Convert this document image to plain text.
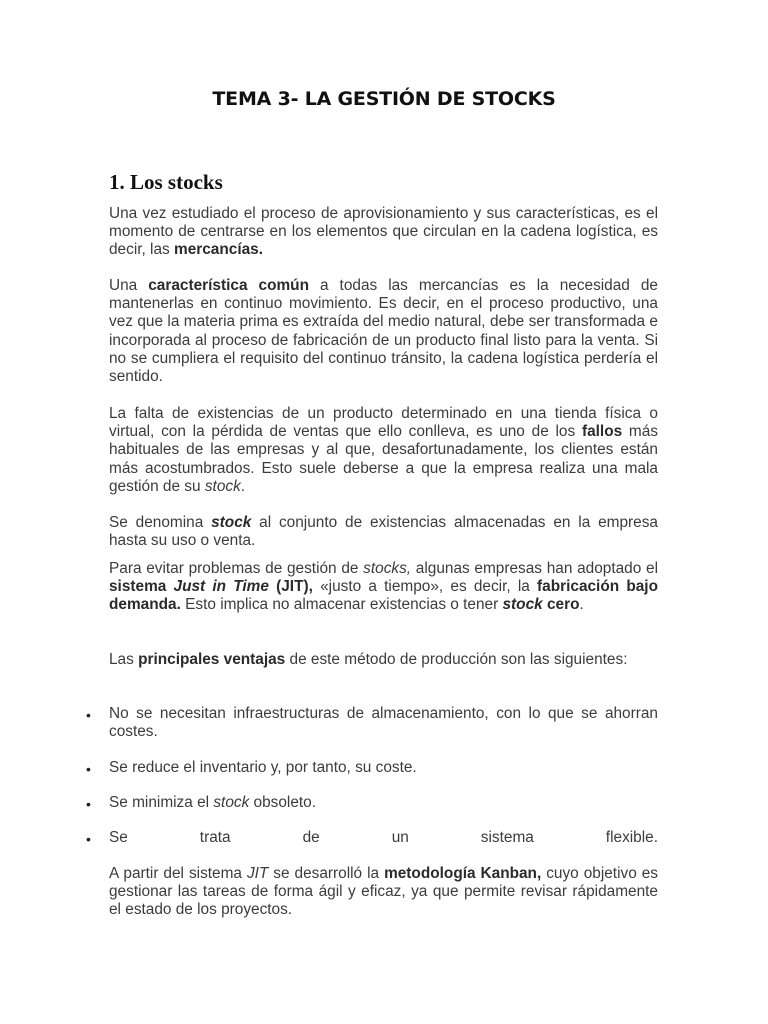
TEMA 3- LA GESTIÓN DE STOCKS
1. Los stocks
Una vez estudiado el proceso de aprovisionamiento y sus características, es el momento de centrarse en los elementos que circulan en la cadena logística, es decir, las mercancías.
Una característica común a todas las mercancías es la necesidad de mantenerlas en continuo movimiento. Es decir, en el proceso productivo, una vez que la materia prima es extraída del medio natural, debe ser transformada e incorporada al proceso de fabricación de un producto final listo para la venta. Si no se cumpliera el requisito del continuo tránsito, la cadena logística perdería el sentido.
La falta de existencias de un producto determinado en una tienda física o virtual, con la pérdida de ventas que ello conlleva, es uno de los fallos más habituales de las empresas y al que, desafortunadamente, los clientes están más acostumbrados. Esto suele deberse a que la empresa realiza una mala gestión de su stock.
Se denomina stock al conjunto de existencias almacenadas en la empresa hasta su uso o venta.
Para evitar problemas de gestión de stocks, algunas empresas han adoptado el sistema Just in Time (JIT), «justo a tiempo», es decir, la fabricación bajo demanda. Esto implica no almacenar existencias o tener stock cero.
Las principales ventajas de este método de producción son las siguientes:
• No se necesitan infraestructuras de almacenamiento, con lo que se ahorran costes.
• Se reduce el inventario y, por tanto, su coste.
• Se minimiza el stock obsoleto.
• Se trata de un sistema flexible.
A partir del sistema JIT se desarrolló la metodología Kanban, cuyo objetivo es gestionar las tareas de forma ágil y eficaz, ya que permite revisar rápidamente el estado de los proyectos.
